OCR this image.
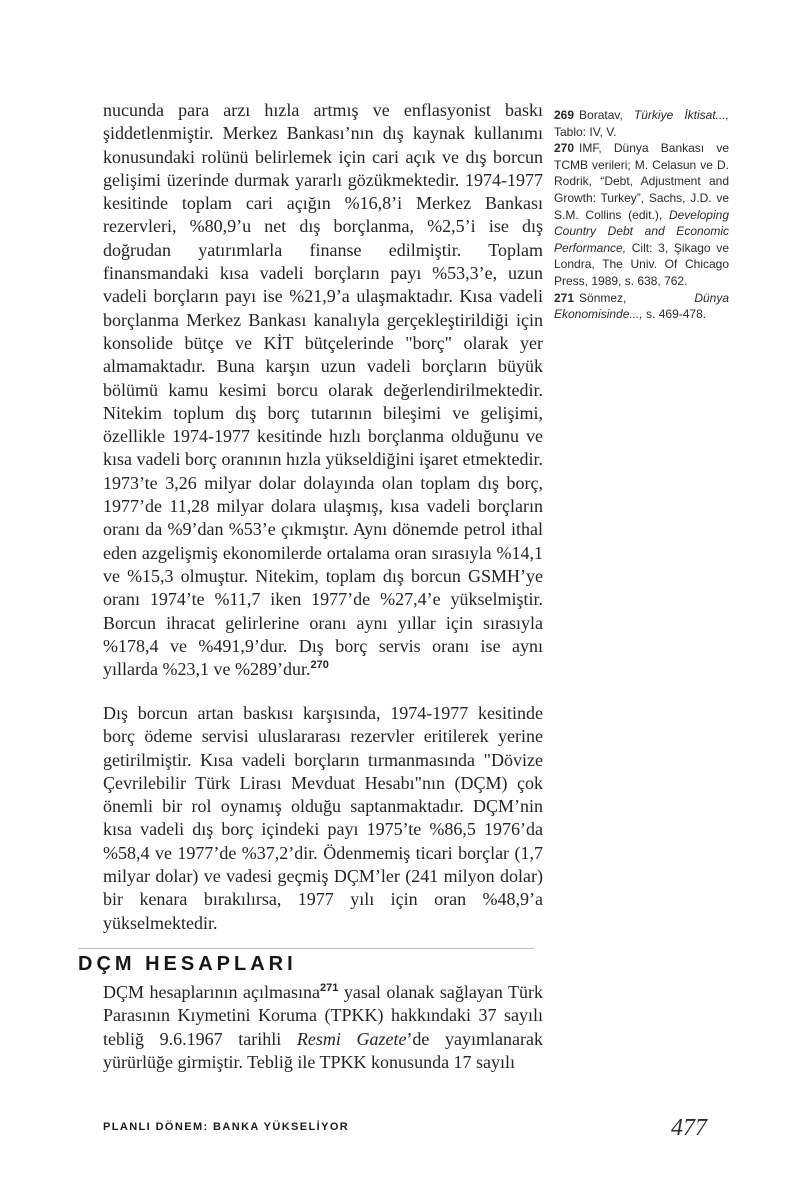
nucunda para arzı hızla artmış ve enflasyonist baskı şiddetlenmiştir. Merkez Bankası’nın dış kaynak kullanımı konusundaki rolünü belirlemek için cari açık ve dış borcun gelişimi üzerinde durmak yararlı gözükmektedir. 1974-1977 kesitinde toplam cari açığın %16,8’i Merkez Bankası rezervleri, %80,9’u net dış borçlanma, %2,5’i ise dış doğrudan yatırımlarla finanse edilmiştir. Toplam finansmandaki kısa vadeli borçların payı %53,3’e, uzun vadeli borçların payı ise %21,9’a ulaşmaktadır. Kısa vadeli borçlanma Merkez Bankası kanalıyla gerçekleştirildiği için konsolide bütçe ve KİT bütçelerinde "borç" olarak yer almamaktadır. Buna karşın uzun vadeli borçların büyük bölümü kamu kesimi borcu olarak değerlendirilmektedir. Nitekim toplum dış borç tutarının bileşimi ve gelişimi, özellikle 1974-1977 kesitinde hızlı borçlanma olduğunu ve kısa vadeli borç oranının hızla yükseldiğini işaret etmektedir. 1973’te 3,26 milyar dolar dolayında olan toplam dış borç, 1977’de 11,28 milyar dolara ulaşmış, kısa vadeli borçların oranı da %9’dan %53’e çıkmıştır. Aynı dönemde petrol ithal eden azgelişmiş ekonomilerde ortalama oran sırasıyla %14,1 ve %15,3 olmuştur. Nitekim, toplam dış borcun GSMH’ye oranı 1974’te %11,7 iken 1977’de %27,4’e yükselmiştir. Borcun ihracat gelirlerine oranı aynı yıllar için sırasıyla %178,4 ve %491,9’dur. Dış borç servis oranı ise aynı yıllarda %23,1 ve %289’dur.$^{270}$

Dış borcun artan baskısı karşısında, 1974-1977 kesitinde borç ödeme servisi uluslararası rezervler eritilerek yerine getirilmiştir. Kısa vadeli borçların tırmanmasında "Dövize Çevrilebilir Türk Lirası Mevduat Hesabı"nın (DÇM) çok önemli bir rol oynamış olduğu saptanmaktadır. DÇM’nin kısa vadeli dış borç içindeki payı 1975’te %86,5 1976’da %58,4 ve 1977’de %37,2’dir. Ödenmemiş ticari borçlar (1,7 milyar dolar) ve vadesi geçmiş DÇM’ler (241 milyon dolar) bir kenara bırakılırsa, 1977 yılı için oran %48,9’a yükselmektedir.

DÇM HESAPLARI

DÇM hesaplarının açılmasına$^{271}$ yasal olanak sağlayan Türk Parasının Kıymetini Koruma (TPKK) hakkındaki 37 sayılı tebliğ 9.6.1967 tarihli Resmi Gazete’de yayımlanarak yürürlüğe girmiştir. Tebliğ ile TPKK konusunda 17 sayılı

269 Boratav, Türkiye İktisat..., Tablo: IV, V.

270 IMF, Dünya Bankası ve TCMB verileri; M. Celasun ve D. Rodrik, “Debt, Adjustment and Growth: Turkey”, Sachs, J.D. ve S.M. Collins (edit.), Developing Country Debt and Economic Performance, Cilt: 3, Şikago ve Londra, The Univ. Of Chicago Press, 1989, s. 638, 762.

271 Sönmez, Dünya Ekonomisinde..., s. 469-478.

PLANLI DÖNEM: BANKA YÜKSELİYOR	477
